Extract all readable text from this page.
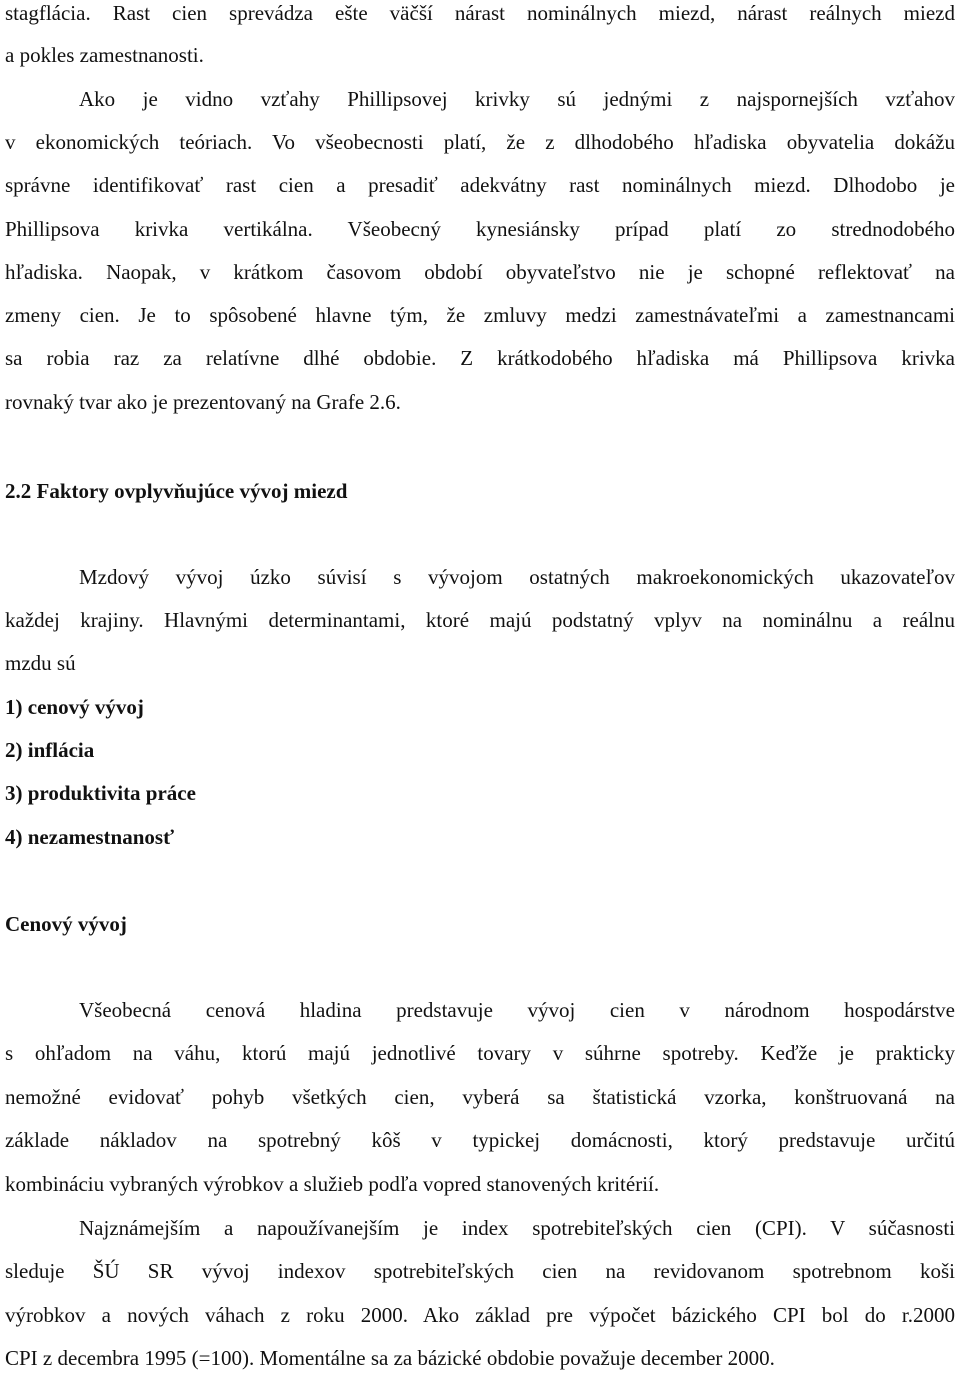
stagflácia. Rast cien sprevádza ešte väčší nárast nominálnych miezd, nárast reálnych miezd
a pokles zamestnanosti.
Ako je vidno vzťahy Phillipsovej krivky sú jednými z najspornejších vzťahov
v ekonomických teóriach. Vo všeobecnosti platí, že z dlhodobého hľadiska obyvatelia dokážu
správne identifikovať rast cien a presadiť adekvátny rast nominálnych miezd. Dlhodobo je
Phillipsova krivka vertikálna. Všeobecný kynesiánsky prípad platí zo strednodobého
hľadiska. Naopak, v krátkom časovom období obyvateľstvo nie je schopné reflektovať na
zmeny cien. Je to spôsobené hlavne tým, že zmluvy medzi zamestnávateľmi a zamestnancami
sa robia raz za relatívne dlhé obdobie. Z krátkodobého hľadiska má Phillipsova krivka
rovnaký tvar ako je prezentovaný na Grafe 2.6.
2.2 Faktory ovplyvňujúce vývoj miezd
Mzdový vývoj úzko súvisí s vývojom ostatných makroekonomických ukazovateľov
každej krajiny. Hlavnými determinantami, ktoré majú podstatný vplyv na nominálnu a reálnu
mzdu sú
1) cenový vývoj
2) inflácia
3) produktivita práce
4) nezamestnanosť
Cenový vývoj
Všeobecná cenová hladina predstavuje vývoj cien v národnom hospodárstve
s ohľadom na váhu, ktorú majú jednotlivé tovary v súhrne spotreby. Keďže je prakticky
nemožné evidovať pohyb všetkých cien, vyberá sa štatistická vzorka, konštruovaná na
základe nákladov na spotrebný kôš v typickej domácnosti, ktorý predstavuje určitú
kombináciu vybraných výrobkov a služieb podľa vopred stanovených kritérií.
Najznámejším a napoužívanejším je index spotrebiteľských cien (CPI). V súčasnosti
sleduje ŠÚ SR vývoj indexov spotrebiteľských cien na revidovanom spotrebnom koši
výrobkov a nových váhach z roku 2000. Ako základ pre výpočet bázického CPI bol do r.2000
CPI z decembra 1995 (=100). Momentálne sa za bázické obdobie považuje december 2000.
